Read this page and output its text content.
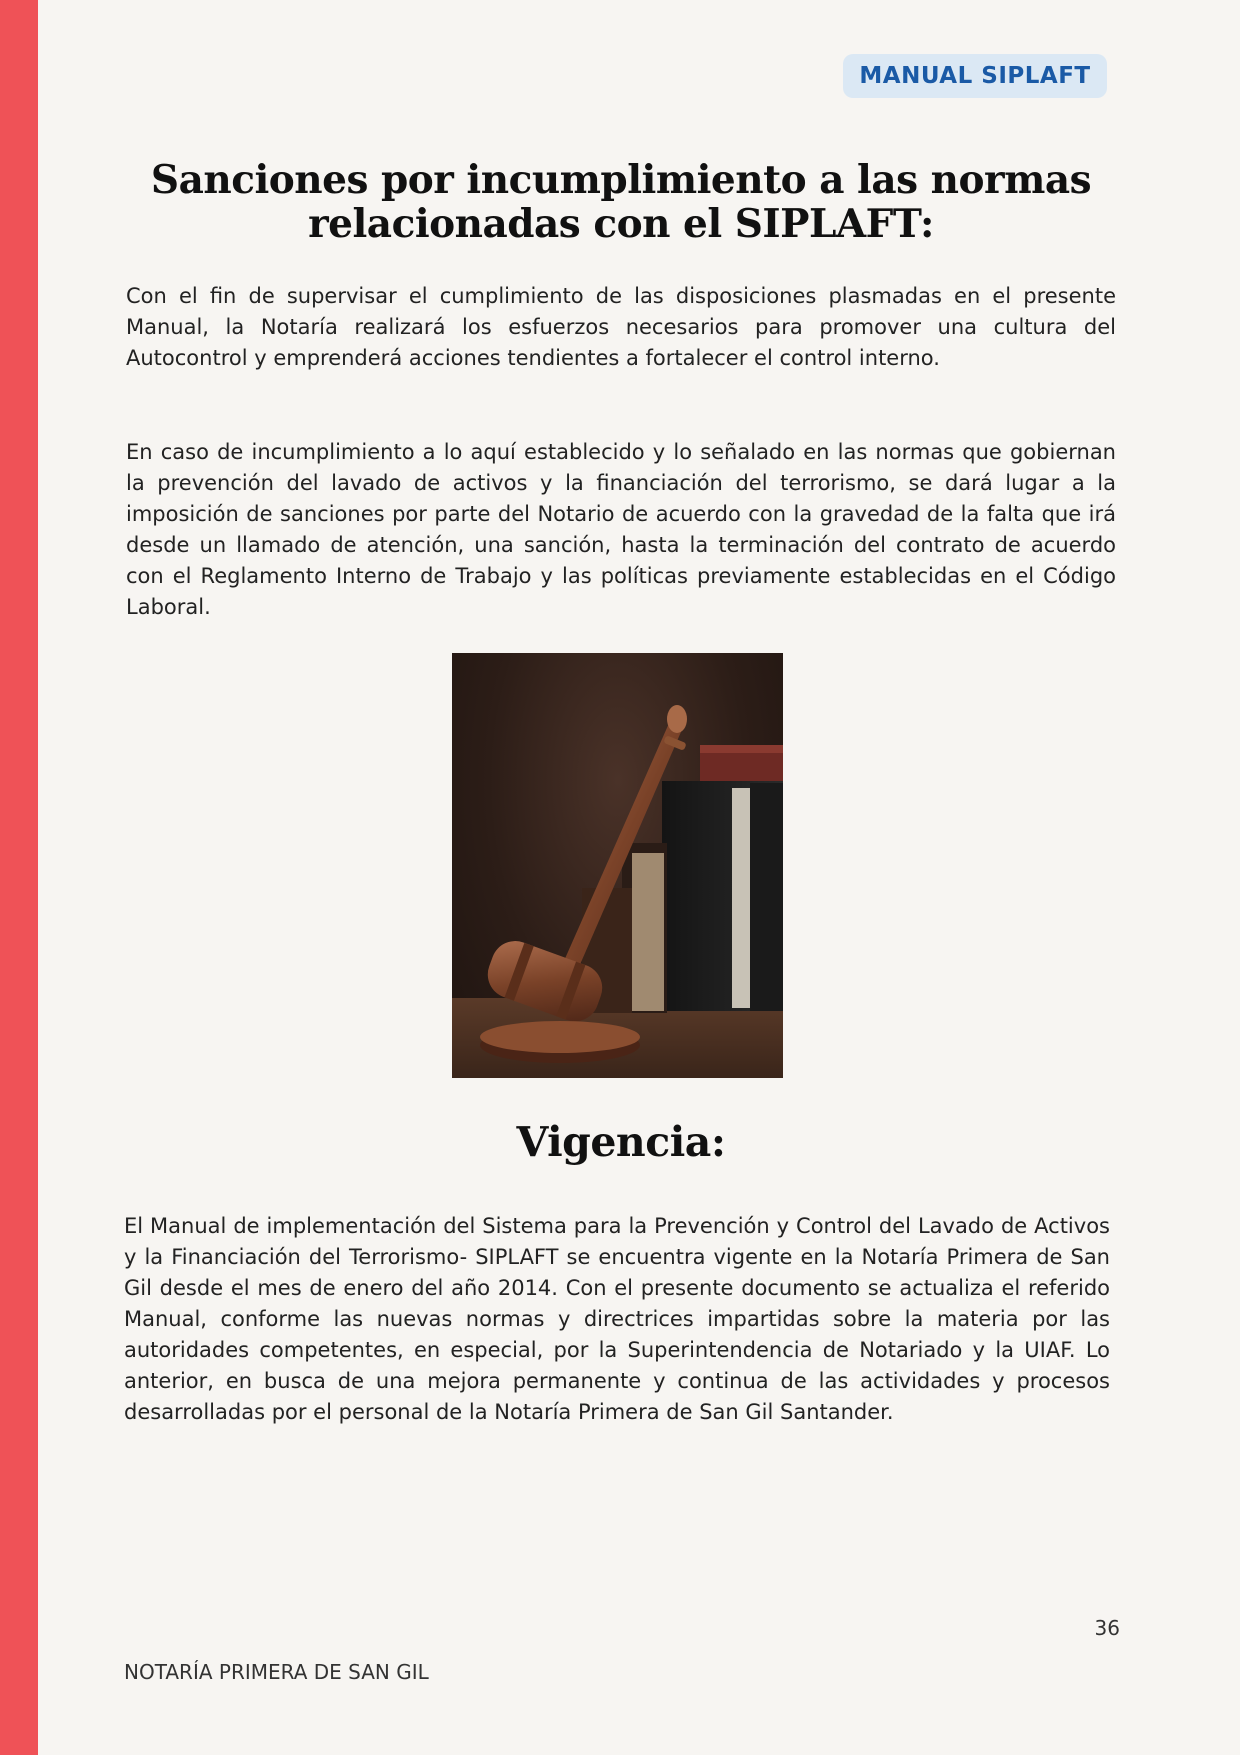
MANUAL SIPLAFT
Sanciones por incumplimiento a las normas relacionadas con el SIPLAFT:

Con el fin de supervisar el cumplimiento de las disposiciones plasmadas en el presente Manual, la Notaría realizará los esfuerzos necesarios para promover una cultura del Autocontrol y emprenderá acciones tendientes a fortalecer el control interno.

En caso de incumplimiento a lo aquí establecido y lo señalado en las normas que gobiernan la prevención del lavado de activos y la financiación del terrorismo, se dará lugar a la imposición de sanciones por parte del Notario de acuerdo con la gravedad de la falta que irá desde un llamado de atención, una sanción, hasta la terminación del contrato de acuerdo con el Reglamento Interno de Trabajo y las políticas previamente establecidas en el Código Laboral.

Vigencia:

El Manual de implementación del Sistema para la Prevención y Control del Lavado de Activos y la Financiación del Terrorismo- SIPLAFT se encuentra vigente en la Notaría Primera de San Gil desde el mes de enero del año 2014. Con el presente documento se actualiza el referido Manual, conforme las nuevas normas y directrices impartidas sobre la materia por las autoridades competentes, en especial, por la Superintendencia de Notariado y la UIAF. Lo anterior, en busca de una mejora permanente y continua de las actividades y procesos desarrolladas por el personal de la Notaría Primera de San Gil Santander.

36
NOTARÍA PRIMERA DE SAN GIL
